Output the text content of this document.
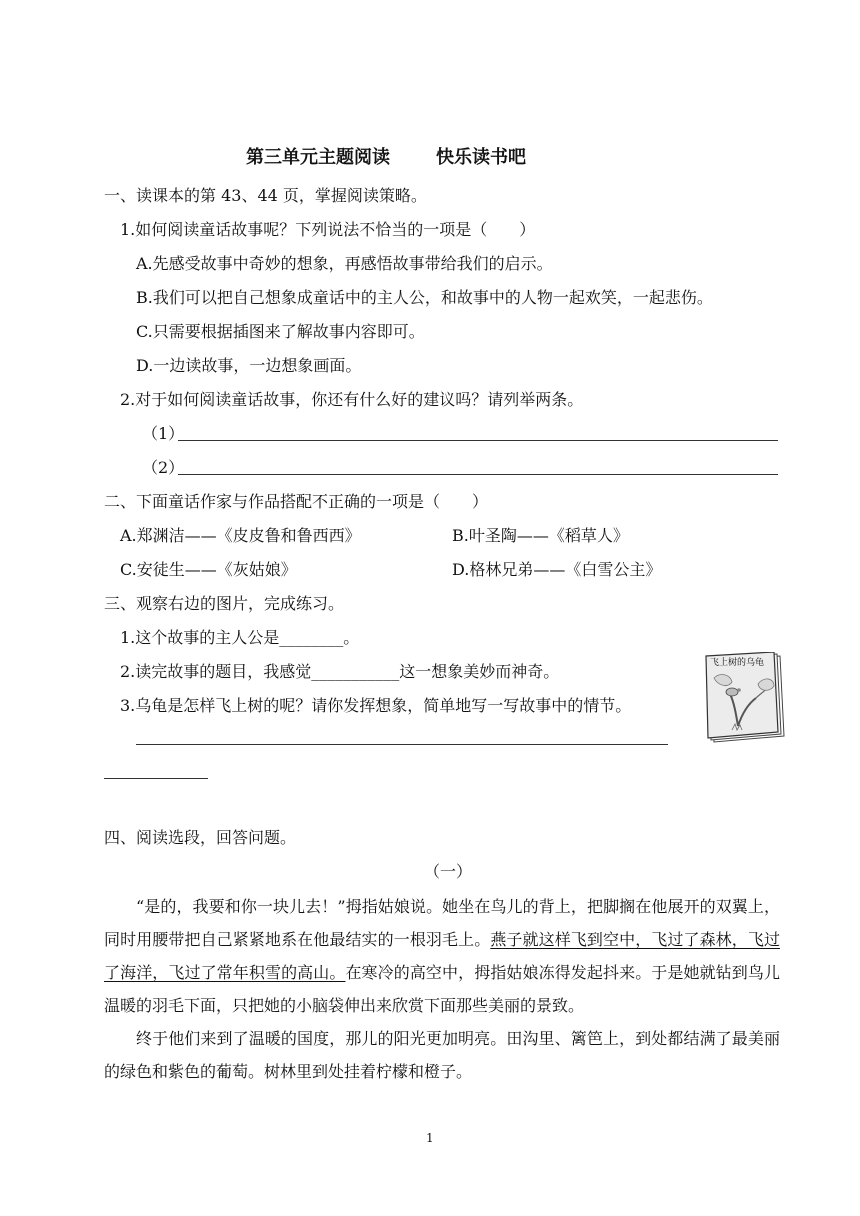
第三单元主题阅读	快乐读书吧
一、读课本的第 43、44 页，掌握阅读策略。
1.如何阅读童话故事呢？下列说法不恰当的一项是（　　）
A.先感受故事中奇妙的想象，再感悟故事带给我们的启示。
B.我们可以把自己想象成童话中的主人公，和故事中的人物一起欢笑，一起悲伤。
C.只需要根据插图来了解故事内容即可。
D.一边读故事，一边想象画面。
2.对于如何阅读童话故事，你还有什么好的建议吗？请列举两条。
（1）
（2）
二、下面童话作家与作品搭配不正确的一项是（　　）
A.郑渊洁——《皮皮鲁和鲁西西》	B.叶圣陶——《稻草人》
C.安徒生——《灰姑娘》	D.格林兄弟——《白雪公主》
三、观察右边的图片，完成练习。
1.这个故事的主人公是________。
2.读完故事的题目，我感觉___________这一想象美妙而神奇。
3.乌龟是怎样飞上树的呢？请你发挥想象，简单地写一写故事中的情节。
飞上树的乌龟
四、阅读选段，回答问题。
（一）
“是的，我要和你一块儿去！”拇指姑娘说。她坐在鸟儿的背上，把脚搁在他展开的双翼上，同时用腰带把自己紧紧地系在他最结实的一根羽毛上。燕子就这样飞到空中，飞过了森林，飞过了海洋，飞过了常年积雪的高山。在寒冷的高空中，拇指姑娘冻得发起抖来。于是她就钻到鸟儿温暖的羽毛下面，只把她的小脑袋伸出来欣赏下面那些美丽的景致。
终于他们来到了温暖的国度，那儿的阳光更加明亮。田沟里、篱笆上，到处都结满了最美丽的绿色和紫色的葡萄。树林里到处挂着柠檬和橙子。
1
